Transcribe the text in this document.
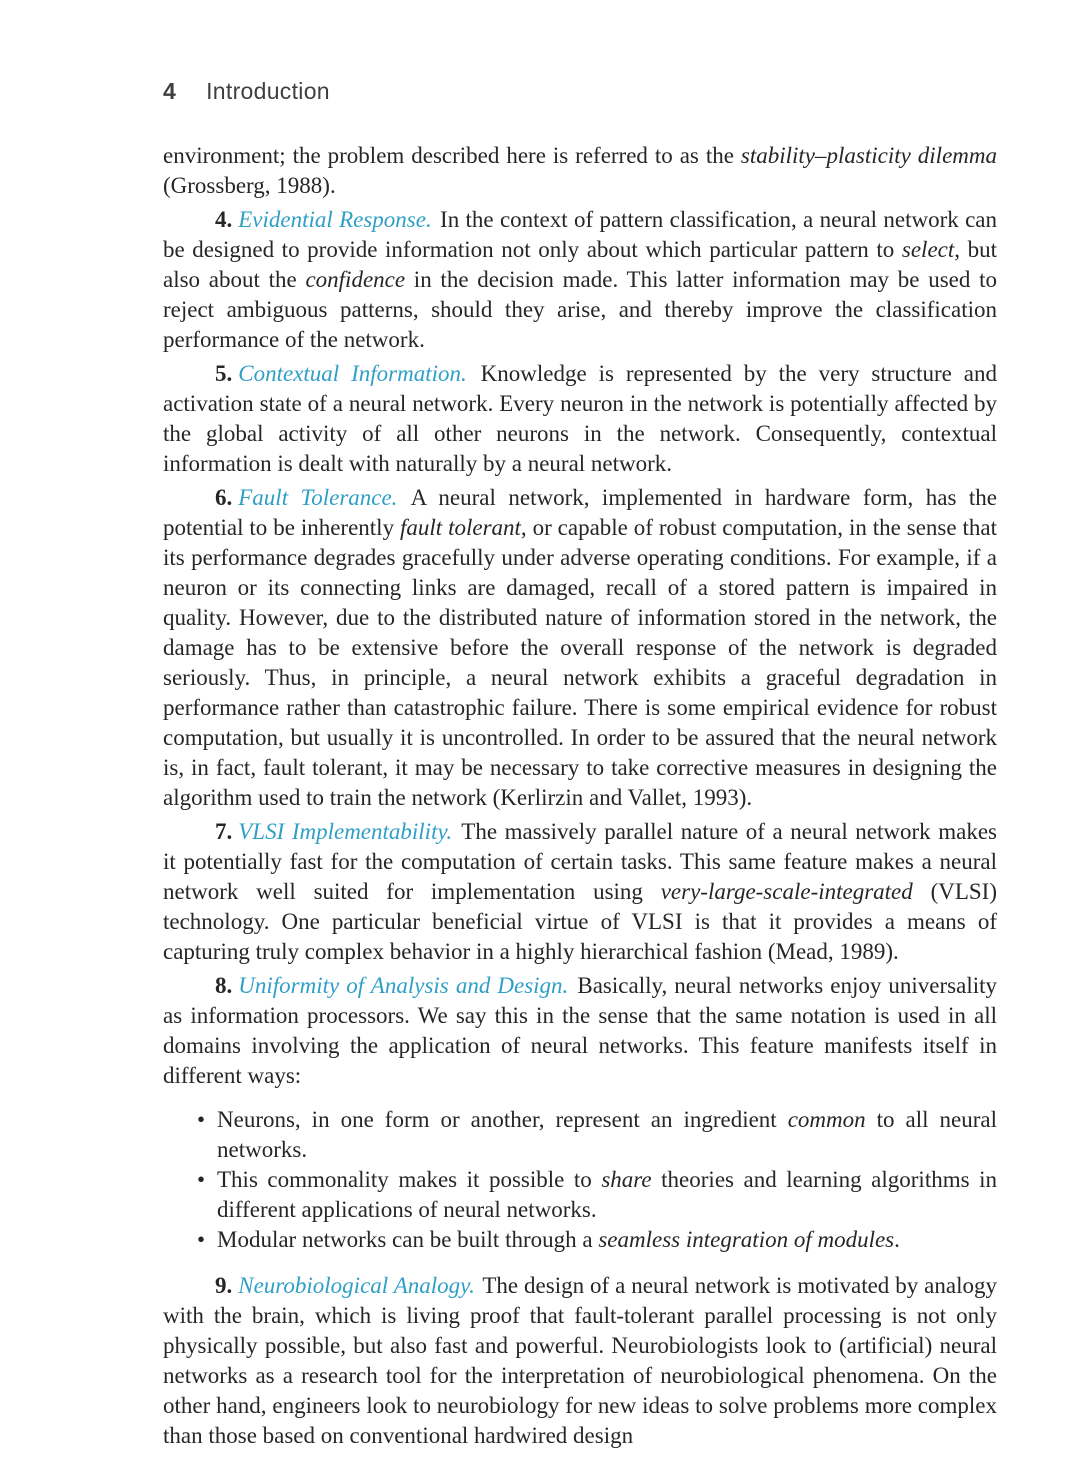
4 Introduction

environment; the problem described here is referred to as the stability–plasticity dilemma (Grossberg, 1988).

4. Evidential Response. In the context of pattern classification, a neural network can be designed to provide information not only about which particular pattern to select, but also about the confidence in the decision made. This latter information may be used to reject ambiguous patterns, should they arise, and thereby improve the classification performance of the network.

5. Contextual Information. Knowledge is represented by the very structure and activation state of a neural network. Every neuron in the network is potentially affected by the global activity of all other neurons in the network. Consequently, contextual information is dealt with naturally by a neural network.

6. Fault Tolerance. A neural network, implemented in hardware form, has the potential to be inherently fault tolerant, or capable of robust computation, in the sense that its performance degrades gracefully under adverse operating conditions. For example, if a neuron or its connecting links are damaged, recall of a stored pattern is impaired in quality. However, due to the distributed nature of information stored in the network, the damage has to be extensive before the overall response of the network is degraded seriously. Thus, in principle, a neural network exhibits a graceful degradation in performance rather than catastrophic failure. There is some empirical evidence for robust computation, but usually it is uncontrolled. In order to be assured that the neural network is, in fact, fault tolerant, it may be necessary to take corrective measures in designing the algorithm used to train the network (Kerlirzin and Vallet, 1993).

7. VLSI Implementability. The massively parallel nature of a neural network makes it potentially fast for the computation of certain tasks. This same feature makes a neural network well suited for implementation using very-large-scale-integrated (VLSI) technology. One particular beneficial virtue of VLSI is that it provides a means of capturing truly complex behavior in a highly hierarchical fashion (Mead, 1989).

8. Uniformity of Analysis and Design. Basically, neural networks enjoy universality as information processors. We say this in the sense that the same notation is used in all domains involving the application of neural networks. This feature manifests itself in different ways:

• Neurons, in one form or another, represent an ingredient common to all neural networks.
• This commonality makes it possible to share theories and learning algorithms in different applications of neural networks.
• Modular networks can be built through a seamless integration of modules.

9. Neurobiological Analogy. The design of a neural network is motivated by analogy with the brain, which is living proof that fault-tolerant parallel processing is not only physically possible, but also fast and powerful. Neurobiologists look to (artificial) neural networks as a research tool for the interpretation of neurobiological phenomena. On the other hand, engineers look to neurobiology for new ideas to solve problems more complex than those based on conventional hardwired design
